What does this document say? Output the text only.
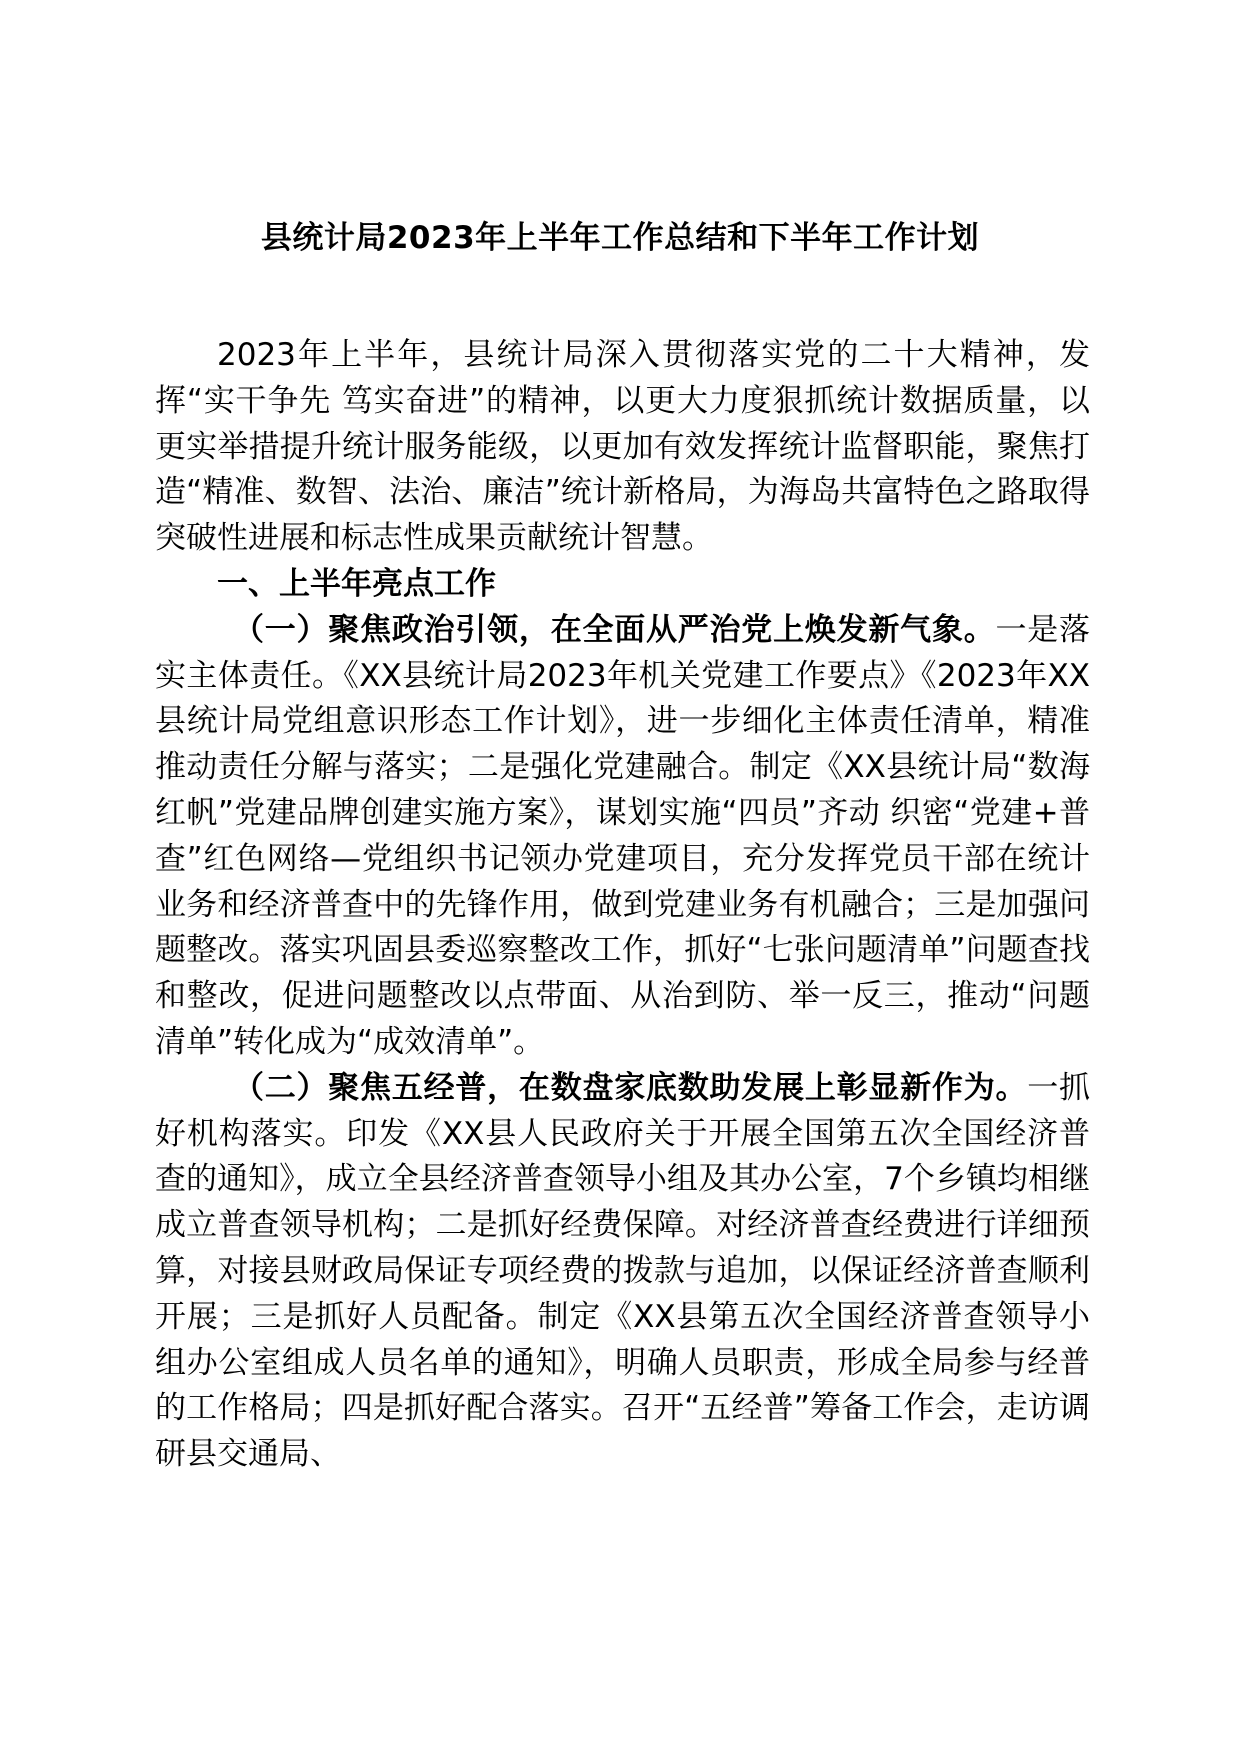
县统计局2023年上半年工作总结和下半年工作计划

2023年上半年，县统计局深入贯彻落实党的二十大精神，发挥“实干争先 笃实奋进”的精神，以更大力度狠抓统计数据质量，以更实举措提升统计服务能级，以更加有效发挥统计监督职能，聚焦打造“精准、数智、法治、廉洁”统计新格局，为海岛共富特色之路取得突破性进展和标志性成果贡献统计智慧。

一、上半年亮点工作

（一）聚焦政治引领，在全面从严治党上焕发新气象。一是落实主体责任。《XX县统计局2023年机关党建工作要点》《2023年XX县统计局党组意识形态工作计划》，进一步细化主体责任清单，精准推动责任分解与落实；二是强化党建融合。制定《XX县统计局“数海红帆”党建品牌创建实施方案》，谋划实施“四员”齐动 织密“党建+普查”红色网络—党组织书记领办党建项目，充分发挥党员干部在统计业务和经济普查中的先锋作用，做到党建业务有机融合；三是加强问题整改。落实巩固县委巡察整改工作，抓好“七张问题清单”问题查找和整改，促进问题整改以点带面、从治到防、举一反三，推动“问题清单”转化成为“成效清单”。

（二）聚焦五经普，在数盘家底数助发展上彰显新作为。一抓好机构落实。印发《XX县人民政府关于开展全国第五次全国经济普查的通知》，成立全县经济普查领导小组及其办公室，7个乡镇均相继成立普查领导机构；二是抓好经费保障。对经济普查经费进行详细预算，对接县财政局保证专项经费的拨款与追加，以保证经济普查顺利开展；三是抓好人员配备。制定《XX县第五次全国经济普查领导小组办公室组成人员名单的通知》，明确人员职责，形成全局参与经普的工作格局；四是抓好配合落实。召开“五经普”筹备工作会，走访调研县交通局、
